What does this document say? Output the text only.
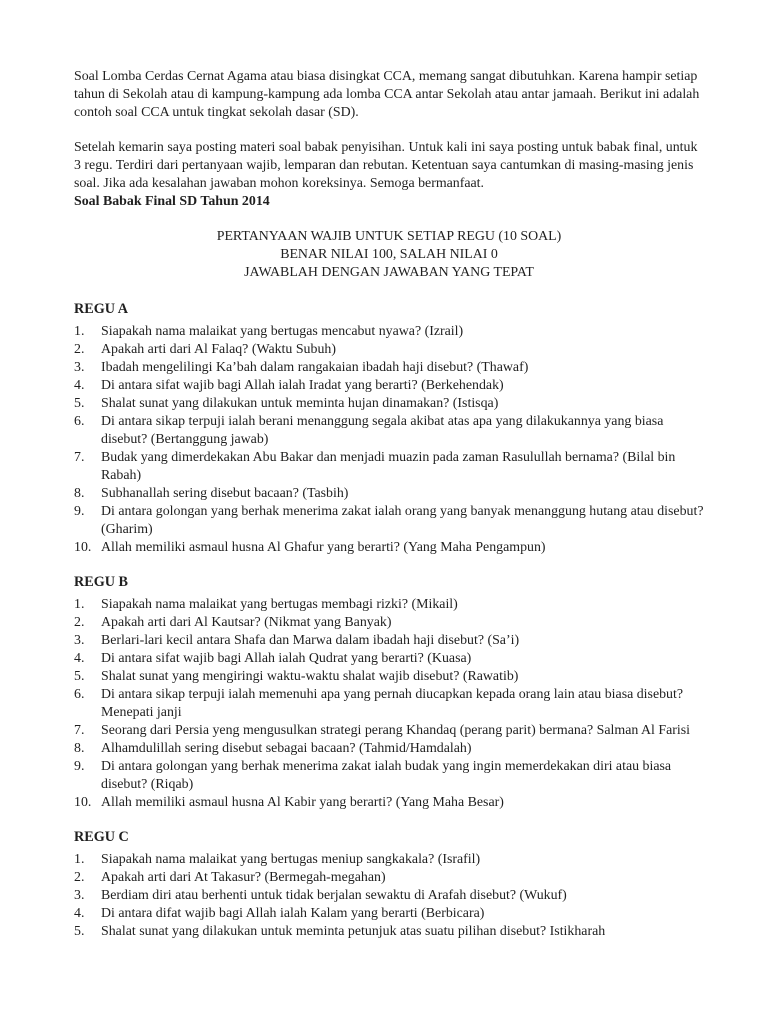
Soal Lomba Cerdas Cernat Agama atau biasa disingkat CCA, memang sangat dibutuhkan. Karena hampir setiap tahun di Sekolah atau di kampung-kampung ada lomba CCA antar Sekolah atau antar jamaah. Berikut ini adalah contoh soal CCA untuk tingkat sekolah dasar (SD).

Setelah kemarin saya posting materi soal babak penyisihan. Untuk kali ini saya posting untuk babak final, untuk 3 regu. Terdiri dari pertanyaan wajib, lemparan dan rebutan. Ketentuan saya cantumkan di masing-masing jenis soal. Jika ada kesalahan jawaban mohon koreksinya. Semoga bermanfaat.

Soal Babak Final SD Tahun 2014

PERTANYAAN WAJIB UNTUK SETIAP REGU (10 SOAL)
BENAR NILAI 100, SALAH NILAI 0
JAWABLAH DENGAN JAWABAN YANG TEPAT
REGU A
1. Siapakah nama malaikat yang bertugas mencabut nyawa? (Izrail)
2. Apakah arti dari Al Falaq? (Waktu Subuh)
3. Ibadah mengelilingi Ka’bah dalam rangakaian ibadah haji disebut? (Thawaf)
4. Di antara sifat wajib bagi Allah ialah Iradat yang berarti? (Berkehendak)
5. Shalat sunat yang dilakukan untuk meminta hujan dinamakan? (Istisqa)
6. Di antara sikap terpuji ialah berani menanggung segala akibat atas apa yang dilakukannya yang biasa disebut? (Bertanggung jawab)
7. Budak yang dimerdekakan Abu Bakar dan menjadi muazin pada zaman Rasulullah bernama? (Bilal bin Rabah)
8. Subhanallah sering disebut bacaan? (Tasbih)
9. Di antara golongan yang berhak menerima zakat ialah orang yang banyak menanggung hutang atau disebut? (Gharim)
10. Allah memiliki asmaul husna Al Ghafur yang berarti? (Yang Maha Pengampun)
REGU B
1. Siapakah nama malaikat yang bertugas membagi rizki? (Mikail)
2. Apakah arti dari Al Kautsar? (Nikmat yang Banyak)
3. Berlari-lari kecil antara Shafa dan Marwa dalam ibadah haji disebut? (Sa’i)
4. Di antara sifat wajib bagi Allah ialah Qudrat yang berarti? (Kuasa)
5. Shalat sunat yang mengiringi waktu-waktu shalat wajib disebut? (Rawatib)
6. Di antara sikap terpuji ialah memenuhi apa yang pernah diucapkan kepada orang lain atau biasa disebut? Menepati janji
7. Seorang dari Persia yeng mengusulkan strategi perang Khandaq (perang parit) bermana? Salman Al Farisi
8. Alhamdulillah sering disebut sebagai bacaan? (Tahmid/Hamdalah)
9. Di antara golongan yang berhak menerima zakat ialah budak yang ingin memerdekakan diri atau biasa disebut? (Riqab)
10. Allah memiliki asmaul husna Al Kabir yang berarti? (Yang Maha Besar)
REGU C
1. Siapakah nama malaikat yang bertugas meniup sangkakala? (Israfil)
2. Apakah arti dari At Takasur? (Bermegah-megahan)
3. Berdiam diri atau berhenti untuk tidak berjalan sewaktu di Arafah disebut? (Wukuf)
4. Di antara difat wajib bagi Allah ialah Kalam yang berarti (Berbicara)
5. Shalat sunat yang dilakukan untuk meminta petunjuk atas suatu pilihan disebut? Istikharah
